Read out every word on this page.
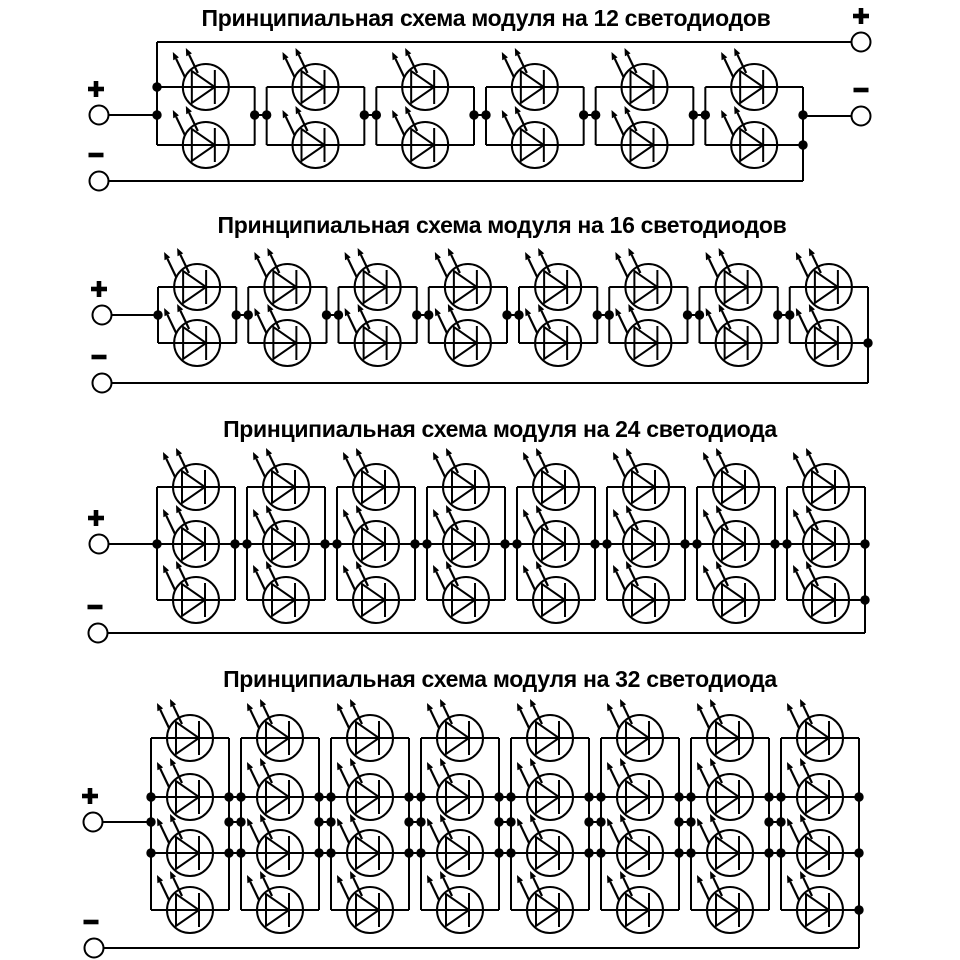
Принципиальная схема модуля на 12 светодиодов
Принципиальная схема модуля на 16 светодиодов
Принципиальная схема модуля на 24 светодиода
Принципиальная схема модуля на 32 светодиода
